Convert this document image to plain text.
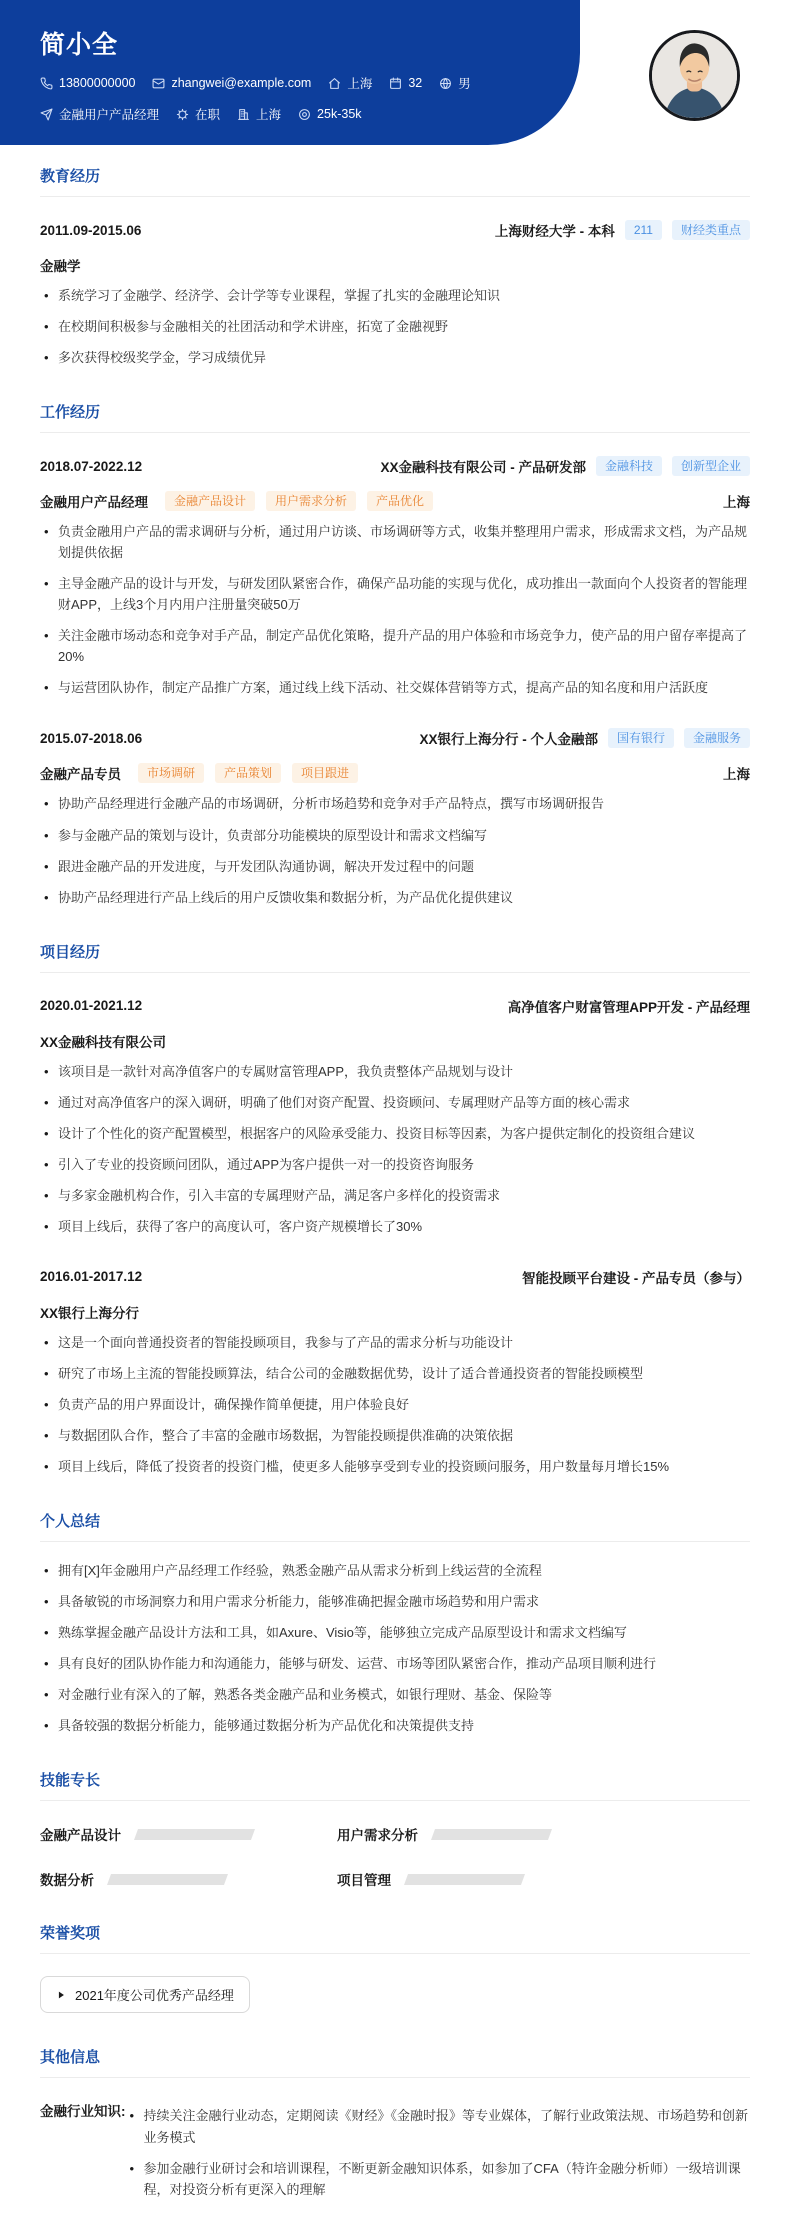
简小全
13800000000	zhangwei@example.com	上海	32	男
金融用户产品经理	在职	上海	25k-35k
教育经历
2011.09-2015.06	上海财经大学 - 本科	211	财经类重点
金融学
• 系统学习了金融学、经济学、会计学等专业课程，掌握了扎实的金融理论知识
• 在校期间积极参与金融相关的社团活动和学术讲座，拓宽了金融视野
• 多次获得校级奖学金，学习成绩优异
工作经历
2018.07-2022.12	XX金融科技有限公司 - 产品研发部	金融科技	创新型企业
金融用户产品经理	金融产品设计	用户需求分析	产品优化	上海
• 负责金融用户产品的需求调研与分析，通过用户访谈、市场调研等方式，收集并整理用户需求，形成需求文档，为产品规划提供依据
• 主导金融产品的设计与开发，与研发团队紧密合作，确保产品功能的实现与优化，成功推出一款面向个人投资者的智能理财APP，上线3个月内用户注册量突破50万
• 关注金融市场动态和竞争对手产品，制定产品优化策略，提升产品的用户体验和市场竞争力，使产品的用户留存率提高了20%
• 与运营团队协作，制定产品推广方案，通过线上线下活动、社交媒体营销等方式，提高产品的知名度和用户活跃度
2015.07-2018.06	XX银行上海分行 - 个人金融部	国有银行	金融服务
金融产品专员	市场调研	产品策划	项目跟进	上海
• 协助产品经理进行金融产品的市场调研，分析市场趋势和竞争对手产品特点，撰写市场调研报告
• 参与金融产品的策划与设计，负责部分功能模块的原型设计和需求文档编写
• 跟进金融产品的开发进度，与开发团队沟通协调，解决开发过程中的问题
• 协助产品经理进行产品上线后的用户反馈收集和数据分析，为产品优化提供建议
项目经历
2020.01-2021.12	高净值客户财富管理APP开发 - 产品经理
XX金融科技有限公司
• 该项目是一款针对高净值客户的专属财富管理APP，我负责整体产品规划与设计
• 通过对高净值客户的深入调研，明确了他们对资产配置、投资顾问、专属理财产品等方面的核心需求
• 设计了个性化的资产配置模型，根据客户的风险承受能力、投资目标等因素，为客户提供定制化的投资组合建议
• 引入了专业的投资顾问团队，通过APP为客户提供一对一的投资咨询服务
• 与多家金融机构合作，引入丰富的专属理财产品，满足客户多样化的投资需求
• 项目上线后，获得了客户的高度认可，客户资产规模增长了30%
2016.01-2017.12	智能投顾平台建设 - 产品专员（参与）
XX银行上海分行
• 这是一个面向普通投资者的智能投顾项目，我参与了产品的需求分析与功能设计
• 研究了市场上主流的智能投顾算法，结合公司的金融数据优势，设计了适合普通投资者的智能投顾模型
• 负责产品的用户界面设计，确保操作简单便捷，用户体验良好
• 与数据团队合作，整合了丰富的金融市场数据，为智能投顾提供准确的决策依据
• 项目上线后，降低了投资者的投资门槛，使更多人能够享受到专业的投资顾问服务，用户数量每月增长15%
个人总结
• 拥有[X]年金融用户产品经理工作经验，熟悉金融产品从需求分析到上线运营的全流程
• 具备敏锐的市场洞察力和用户需求分析能力，能够准确把握金融市场趋势和用户需求
• 熟练掌握金融产品设计方法和工具，如Axure、Visio等，能够独立完成产品原型设计和需求文档编写
• 具有良好的团队协作能力和沟通能力，能够与研发、运营、市场等团队紧密合作，推动产品项目顺利进行
• 对金融行业有深入的了解，熟悉各类金融产品和业务模式，如银行理财、基金、保险等
• 具备较强的数据分析能力，能够通过数据分析为产品优化和决策提供支持
技能专长
金融产品设计	用户需求分析
数据分析	项目管理
荣誉奖项
2021年度公司优秀产品经理
其他信息
金融行业知识:	• 持续关注金融行业动态，定期阅读《财经》《金融时报》等专业媒体，了解行业政策法规、市场趋势和创新业务模式
• 参加金融行业研讨会和培训课程，不断更新金融知识体系，如参加了CFA（特许金融分析师）一级培训课程，对投资分析有更深入的理解
